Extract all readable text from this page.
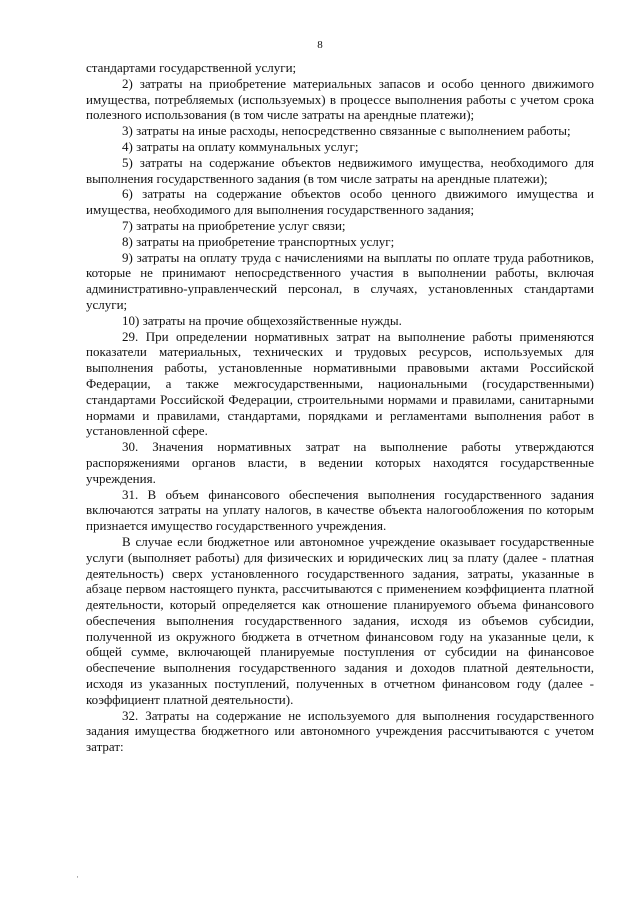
8

стандартами государственной услуги;

2) затраты на приобретение материальных запасов и особо ценного движимого имущества, потребляемых (используемых) в процессе выполнения работы с учетом срока полезного использования (в том числе затраты на арендные платежи);

3) затраты на иные расходы, непосредственно связанные с выполнением работы;

4) затраты на оплату коммунальных услуг;

5) затраты на содержание объектов недвижимого имущества, необходимого для выполнения государственного задания (в том числе затраты на арендные платежи);

6) затраты на содержание объектов особо ценного движимого имущества и имущества, необходимого для выполнения государственного задания;

7) затраты на приобретение услуг связи;

8) затраты на приобретение транспортных услуг;

9) затраты на оплату труда с начислениями на выплаты по оплате труда работников, которые не принимают непосредственного участия в выполнении работы, включая административно-управленческий персонал, в случаях, установленных стандартами услуги;

10) затраты на прочие общехозяйственные нужды.

29. При определении нормативных затрат на выполнение работы применяются показатели материальных, технических и трудовых ресурсов, используемых для выполнения работы, установленные нормативными правовыми актами Российской Федерации, а также межгосударственными, национальными (государственными) стандартами Российской Федерации, строительными нормами и правилами, санитарными нормами и правилами, стандартами, порядками и регламентами выполнения работ в установленной сфере.

30. Значения нормативных затрат на выполнение работы утверждаются распоряжениями органов власти, в ведении которых находятся государственные учреждения.

31. В объем финансового обеспечения выполнения государственного задания включаются затраты на уплату налогов, в качестве объекта налогообложения по которым признается имущество государственного учреждения.

В случае если бюджетное или автономное учреждение оказывает государственные услуги (выполняет работы) для физических и юридических лиц за плату (далее - платная деятельность) сверх установленного государственного задания, затраты, указанные в абзаце первом настоящего пункта, рассчитываются с применением коэффициента платной деятельности, который определяется как отношение планируемого объема финансового обеспечения выполнения государственного задания, исходя из объемов субсидии, полученной из окружного бюджета в отчетном финансовом году на указанные цели, к общей сумме, включающей планируемые поступления от субсидии на финансовое обеспечение выполнения государственного задания и доходов платной деятельности, исходя из указанных поступлений, полученных в отчетном финансовом году (далее - коэффициент платной деятельности).

32. Затраты на содержание не используемого для выполнения государственного задания имущества бюджетного или автономного учреждения рассчитываются с учетом затрат:

·
